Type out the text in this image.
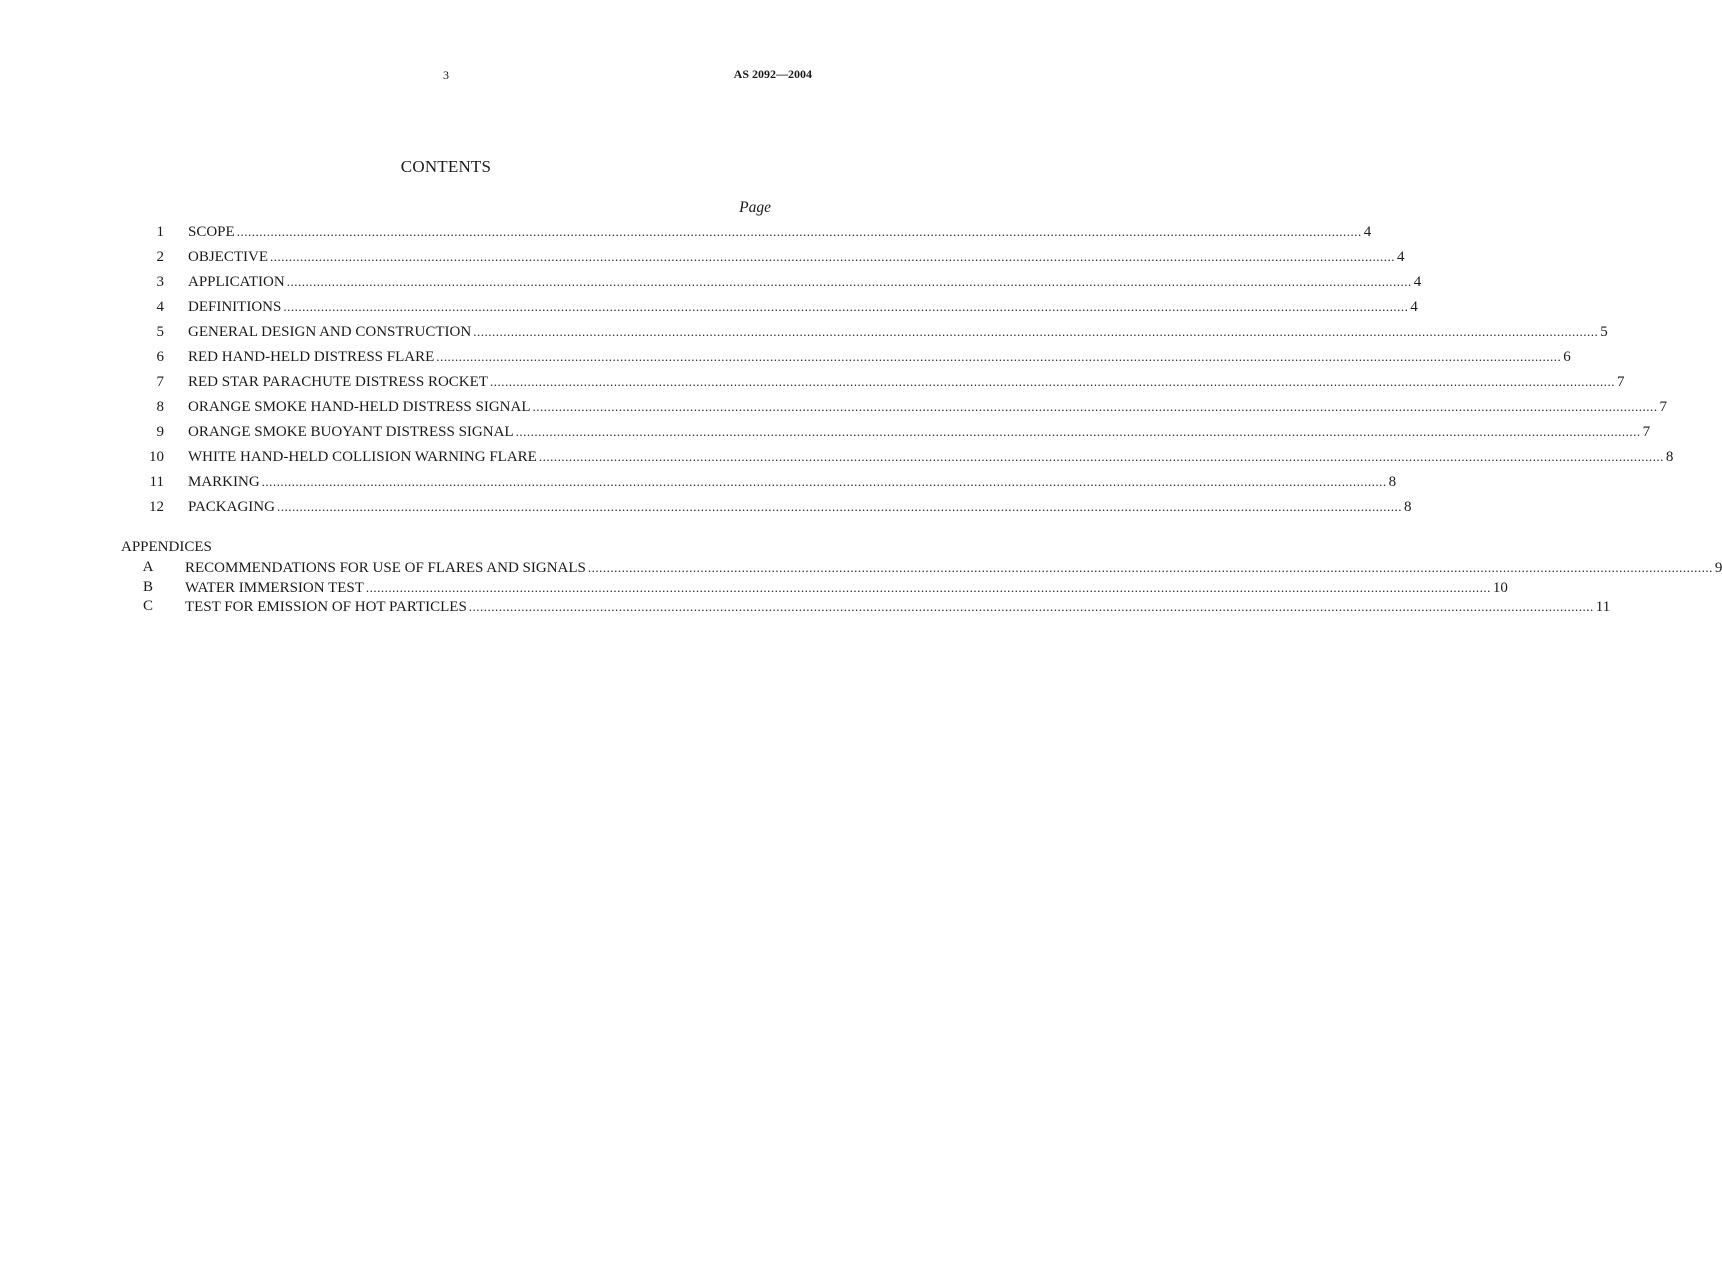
3	AS 2092—2004
CONTENTS
Page
1 SCOPE ............................................................................................................................................................................................................................................................................................................ 4
2 OBJECTIVE ............................................................................................................................................................................................................................................................................................................ 4
3 APPLICATION ............................................................................................................................................................................................................................................................................................................ 4
4 DEFINITIONS ............................................................................................................................................................................................................................................................................................................ 4
5 GENERAL DESIGN AND CONSTRUCTION ............................................................................................................................................................................................................................................................................................................ 5
6 RED HAND-HELD DISTRESS FLARE ............................................................................................................................................................................................................................................................................................................ 6
7 RED STAR PARACHUTE DISTRESS ROCKET ............................................................................................................................................................................................................................................................................................................ 7
8 ORANGE SMOKE HAND-HELD DISTRESS SIGNAL ............................................................................................................................................................................................................................................................................................................ 7
9 ORANGE SMOKE BUOYANT DISTRESS SIGNAL ............................................................................................................................................................................................................................................................................................................ 7
10 WHITE HAND-HELD COLLISION WARNING FLARE ............................................................................................................................................................................................................................................................................................................ 8
11 MARKING ............................................................................................................................................................................................................................................................................................................ 8
12 PACKAGING ............................................................................................................................................................................................................................................................................................................ 8
APPENDICES
A	RECOMMENDATIONS FOR USE OF FLARES AND SIGNALS ............................................................................................................................................................................................................................................................................................................ 9
B	WATER IMMERSION TEST ............................................................................................................................................................................................................................................................................................................ 10
C	TEST FOR EMISSION OF HOT PARTICLES ............................................................................................................................................................................................................................................................................................................ 11
